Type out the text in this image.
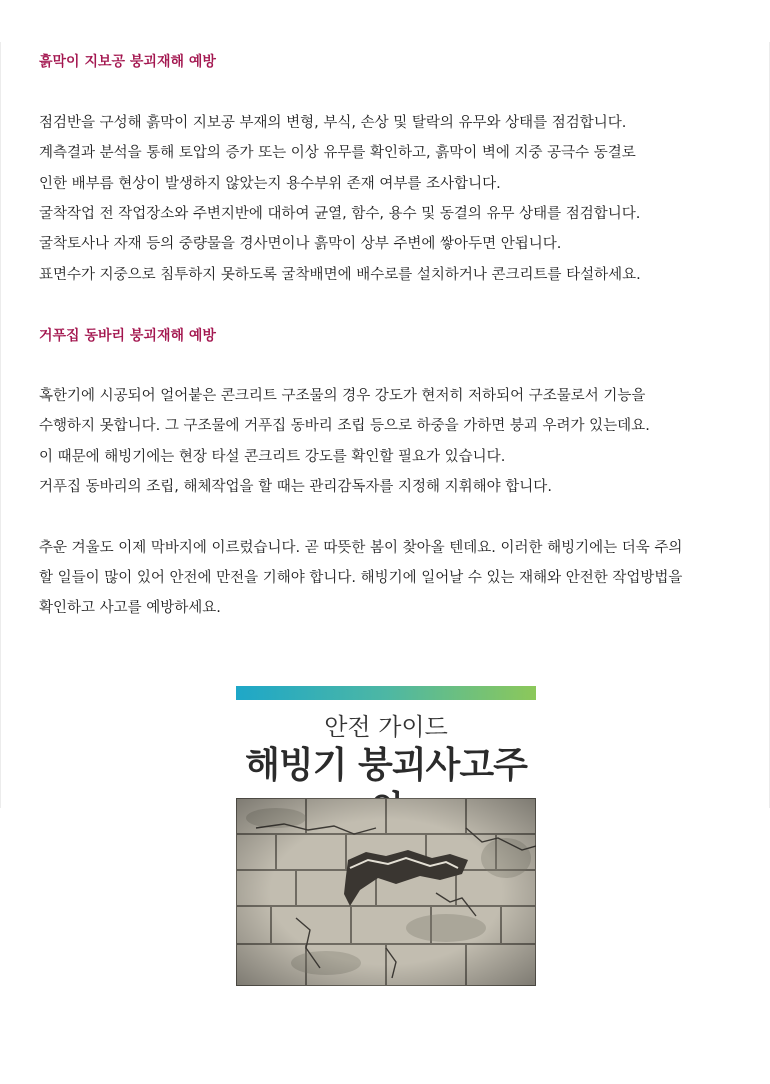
흙막이 지보공 붕괴재해 예방
점검반을 구성해 흙막이 지보공 부재의 변형, 부식, 손상 및 탈락의 유무와 상태를 점검합니다.
계측결과 분석을 통해 토압의 증가 또는 이상 유무를 확인하고, 흙막이 벽에 지중 공극수 동결로
인한 배부름 현상이 발생하지 않았는지 용수부위 존재 여부를 조사합니다.
굴착작업 전 작업장소와 주변지반에 대하여 균열, 함수, 용수 및 동결의 유무 상태를 점검합니다.
굴착토사나 자재 등의 중량물을 경사면이나 흙막이 상부 주변에 쌓아두면 안됩니다.
표면수가 지중으로 침투하지 못하도록 굴착배면에 배수로를 설치하거나 콘크리트를 타설하세요.
거푸집 동바리 붕괴재해 예방
혹한기에 시공되어 얼어붙은 콘크리트 구조물의 경우 강도가 현저히 저하되어 구조물로서 기능을
수행하지 못합니다. 그 구조물에 거푸집 동바리 조립 등으로 하중을 가하면 붕괴 우려가 있는데요.
이 때문에 해빙기에는 현장 타설 콘크리트 강도를 확인할 필요가 있습니다.
거푸집 동바리의 조립, 해체작업을 할 때는 관리감독자를 지정해 지휘해야 합니다.
추운 겨울도 이제 막바지에 이르렀습니다. 곧 따뜻한 봄이 찾아올 텐데요. 이러한 해빙기에는 더욱 주의
할 일들이 많이 있어 안전에 만전을 기해야 합니다. 해빙기에 일어날 수 있는 재해와 안전한 작업방법을
확인하고 사고를 예방하세요.
안전 가이드
해빙기 붕괴사고주
